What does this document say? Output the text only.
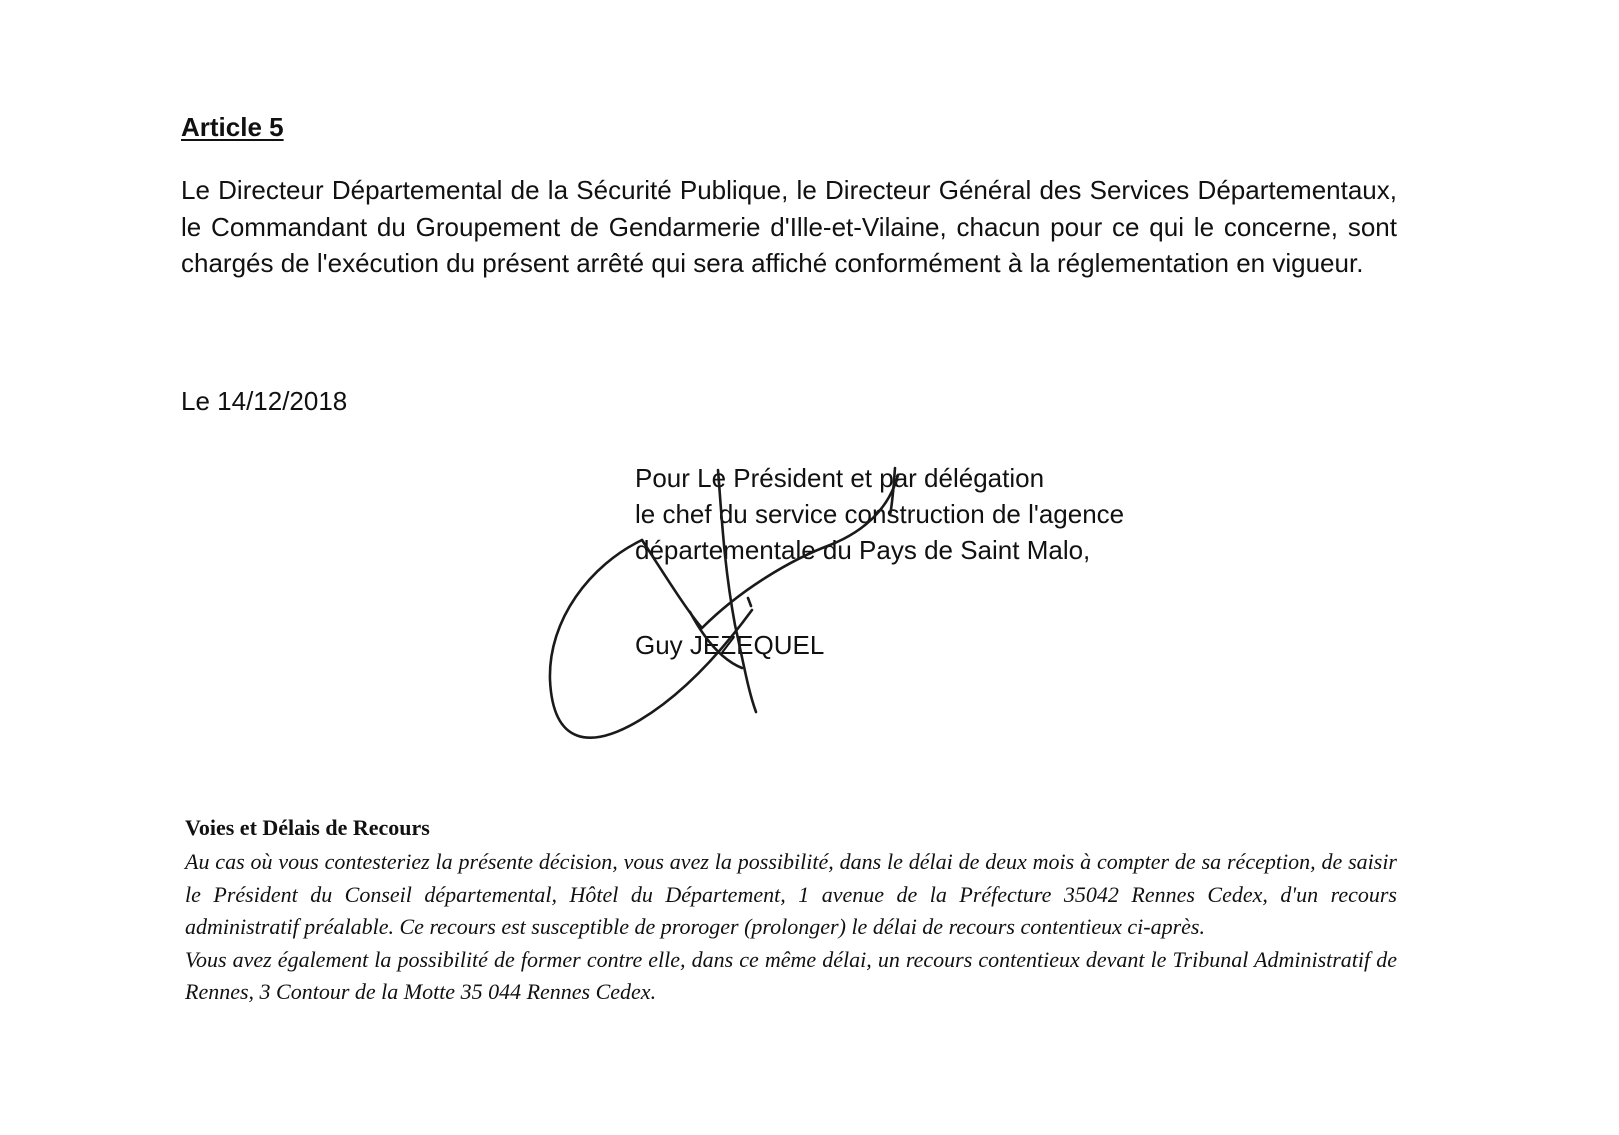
Article 5

Le Directeur Départemental de la Sécurité Publique, le Directeur Général des Services Départementaux, le Commandant du Groupement de Gendarmerie d'Ille-et-Vilaine, chacun pour ce qui le concerne, sont chargés de l'exécution du présent arrêté qui sera affiché conformément à la réglementation en vigueur.

Le 14/12/2018

Pour Le Président et par délégation
le chef du service construction de l'agence
départementale du Pays de Saint Malo,
Guy JEZEQUEL
Voies et Délais de Recours

Au cas où vous contesteriez la présente décision, vous avez la possibilité, dans le délai de deux mois à compter de sa réception, de saisir le Président du Conseil départemental, Hôtel du Département, 1 avenue de la Préfecture 35042 Rennes Cedex, d'un recours administratif préalable. Ce recours est susceptible de proroger (prolonger) le délai de recours contentieux ci-après.

Vous avez également la possibilité de former contre elle, dans ce même délai, un recours contentieux devant le Tribunal Administratif de Rennes, 3 Contour de la Motte 35 044 Rennes Cedex.
